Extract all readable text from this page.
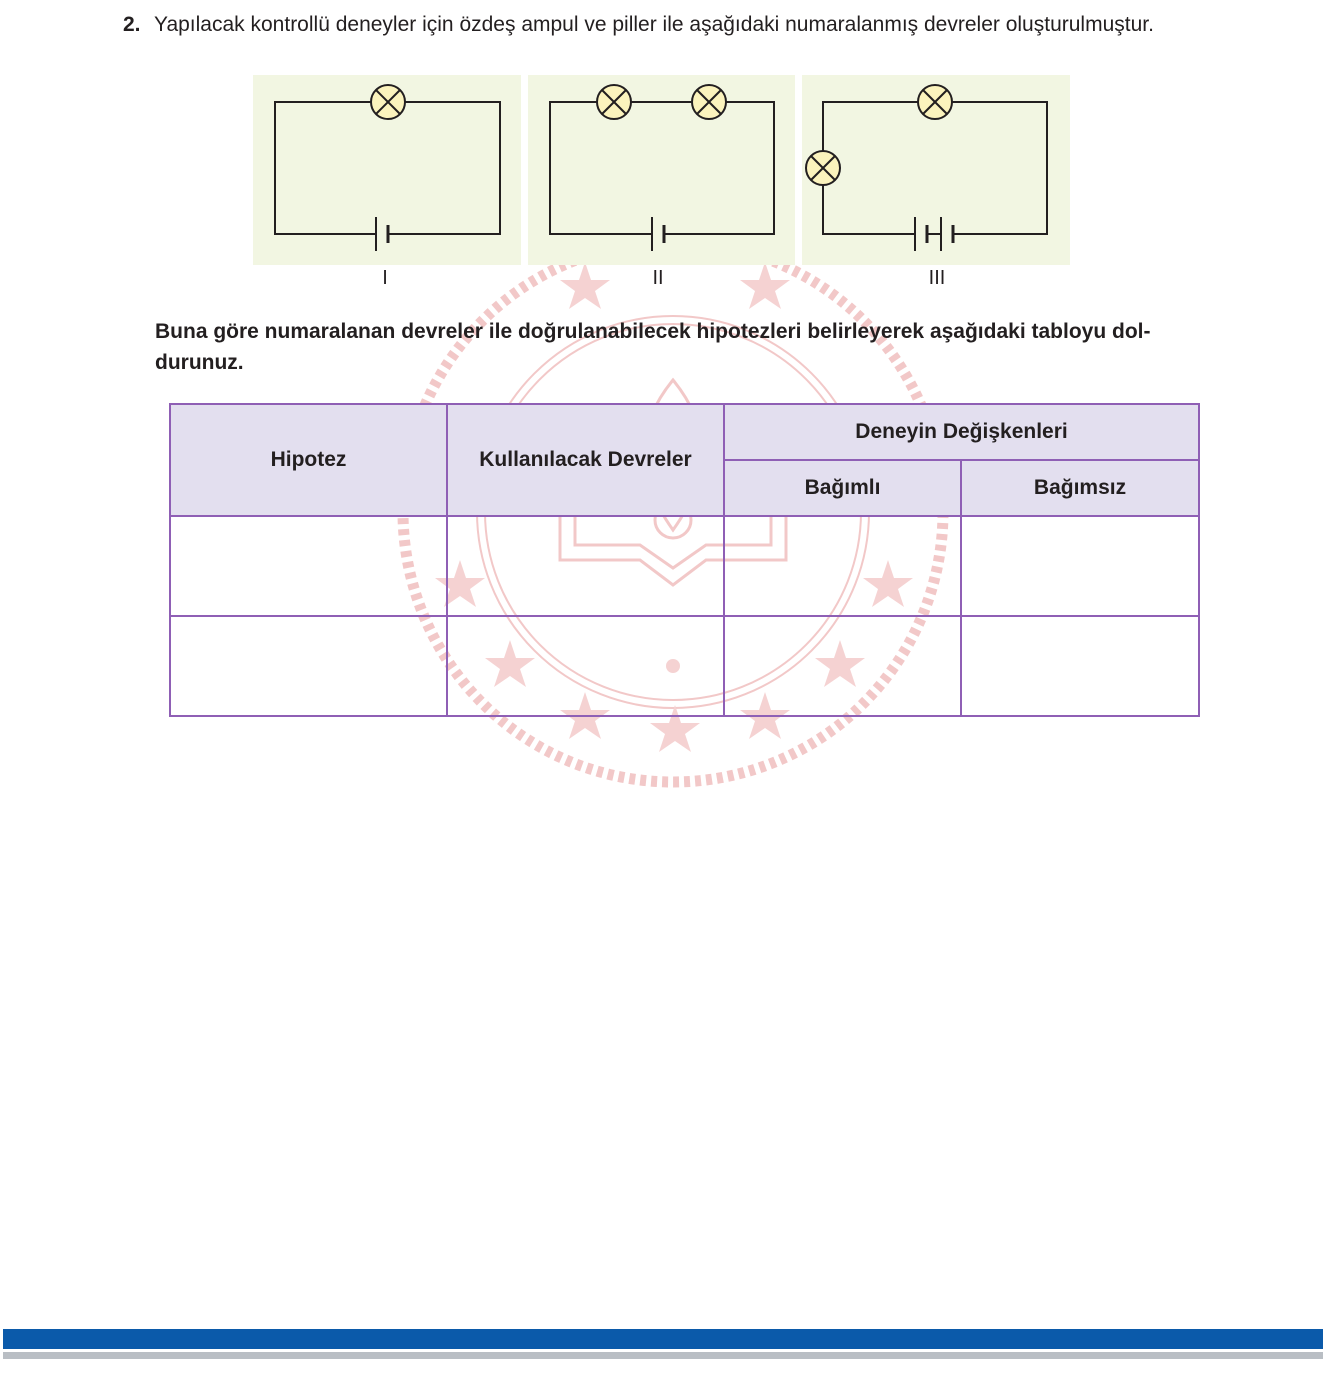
2. Yapılacak kontrollü deneyler için özdeş ampul ve piller ile aşağıdaki numaralanmış devreler oluşturulmuştur.
I	II	III
Buna göre numaralanan devreler ile doğrulanabilecek hipotezleri belirleyerek aşağıdaki tabloyu dol-
durunuz.
Hipotez	Kullanılacak Devreler	Deneyin Değişkenleri	
		Bağımlı	Bağımsız
